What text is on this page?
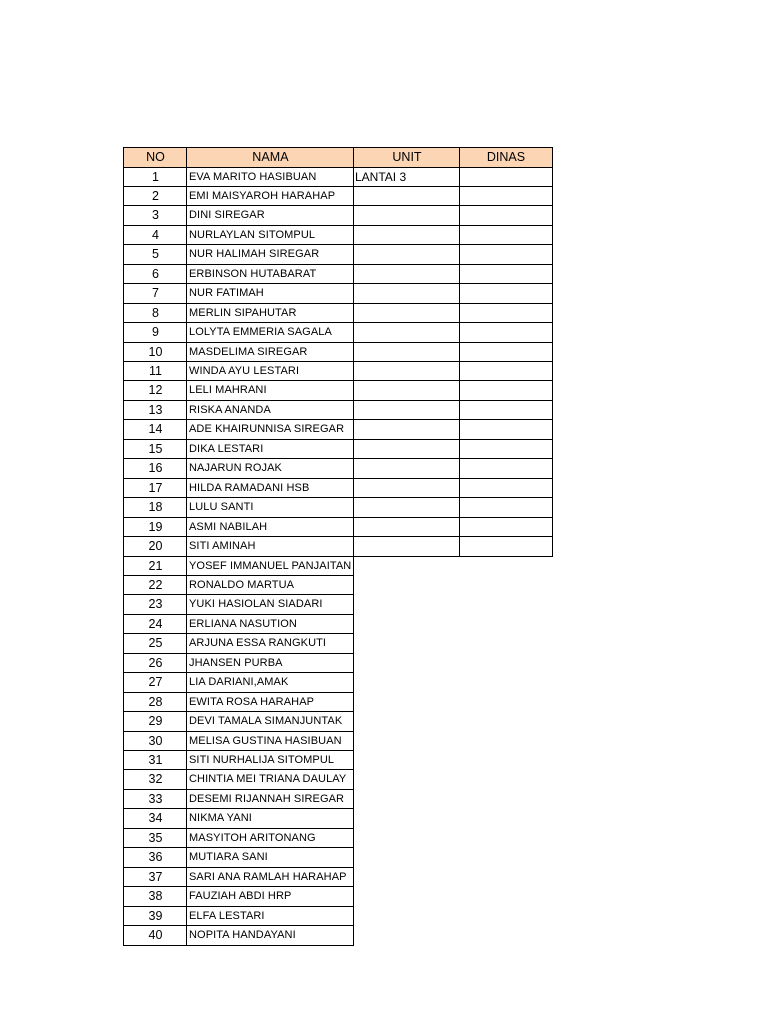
NO	NAMA	UNIT	DINAS
1	EVA MARITO HASIBUAN	LANTAI 3
2	EMI MAISYAROH HARAHAP
3	DINI SIREGAR
4	NURLAYLAN SITOMPUL
5	NUR HALIMAH SIREGAR
6	ERBINSON HUTABARAT
7	NUR FATIMAH
8	MERLIN SIPAHUTAR
9	LOLYTA EMMERIA SAGALA
10	MASDELIMA SIREGAR
11	WINDA AYU LESTARI
12	LELI MAHRANI
13	RISKA ANANDA
14	ADE KHAIRUNNISA SIREGAR
15	DIKA LESTARI
16	NAJARUN ROJAK
17	HILDA RAMADANI HSB
18	LULU SANTI
19	ASMI NABILAH
20	SITI AMINAH
21	YOSEF IMMANUEL PANJAITAN
22	RONALDO MARTUA
23	YUKI HASIOLAN SIADARI
24	ERLIANA NASUTION
25	ARJUNA ESSA RANGKUTI
26	JHANSEN PURBA
27	LIA DARIANI,AMAK
28	EWITA ROSA HARAHAP
29	DEVI TAMALA SIMANJUNTAK
30	MELISA GUSTINA HASIBUAN
31	SITI NURHALIJA SITOMPUL
32	CHINTIA MEI TRIANA DAULAY
33	DESEMI RIJANNAH SIREGAR
34	NIKMA YANI
35	MASYITOH ARITONANG
36	MUTIARA SANI
37	SARI ANA RAMLAH HARAHAP
38	FAUZIAH ABDI HRP
39	ELFA LESTARI
40	NOPITA HANDAYANI
